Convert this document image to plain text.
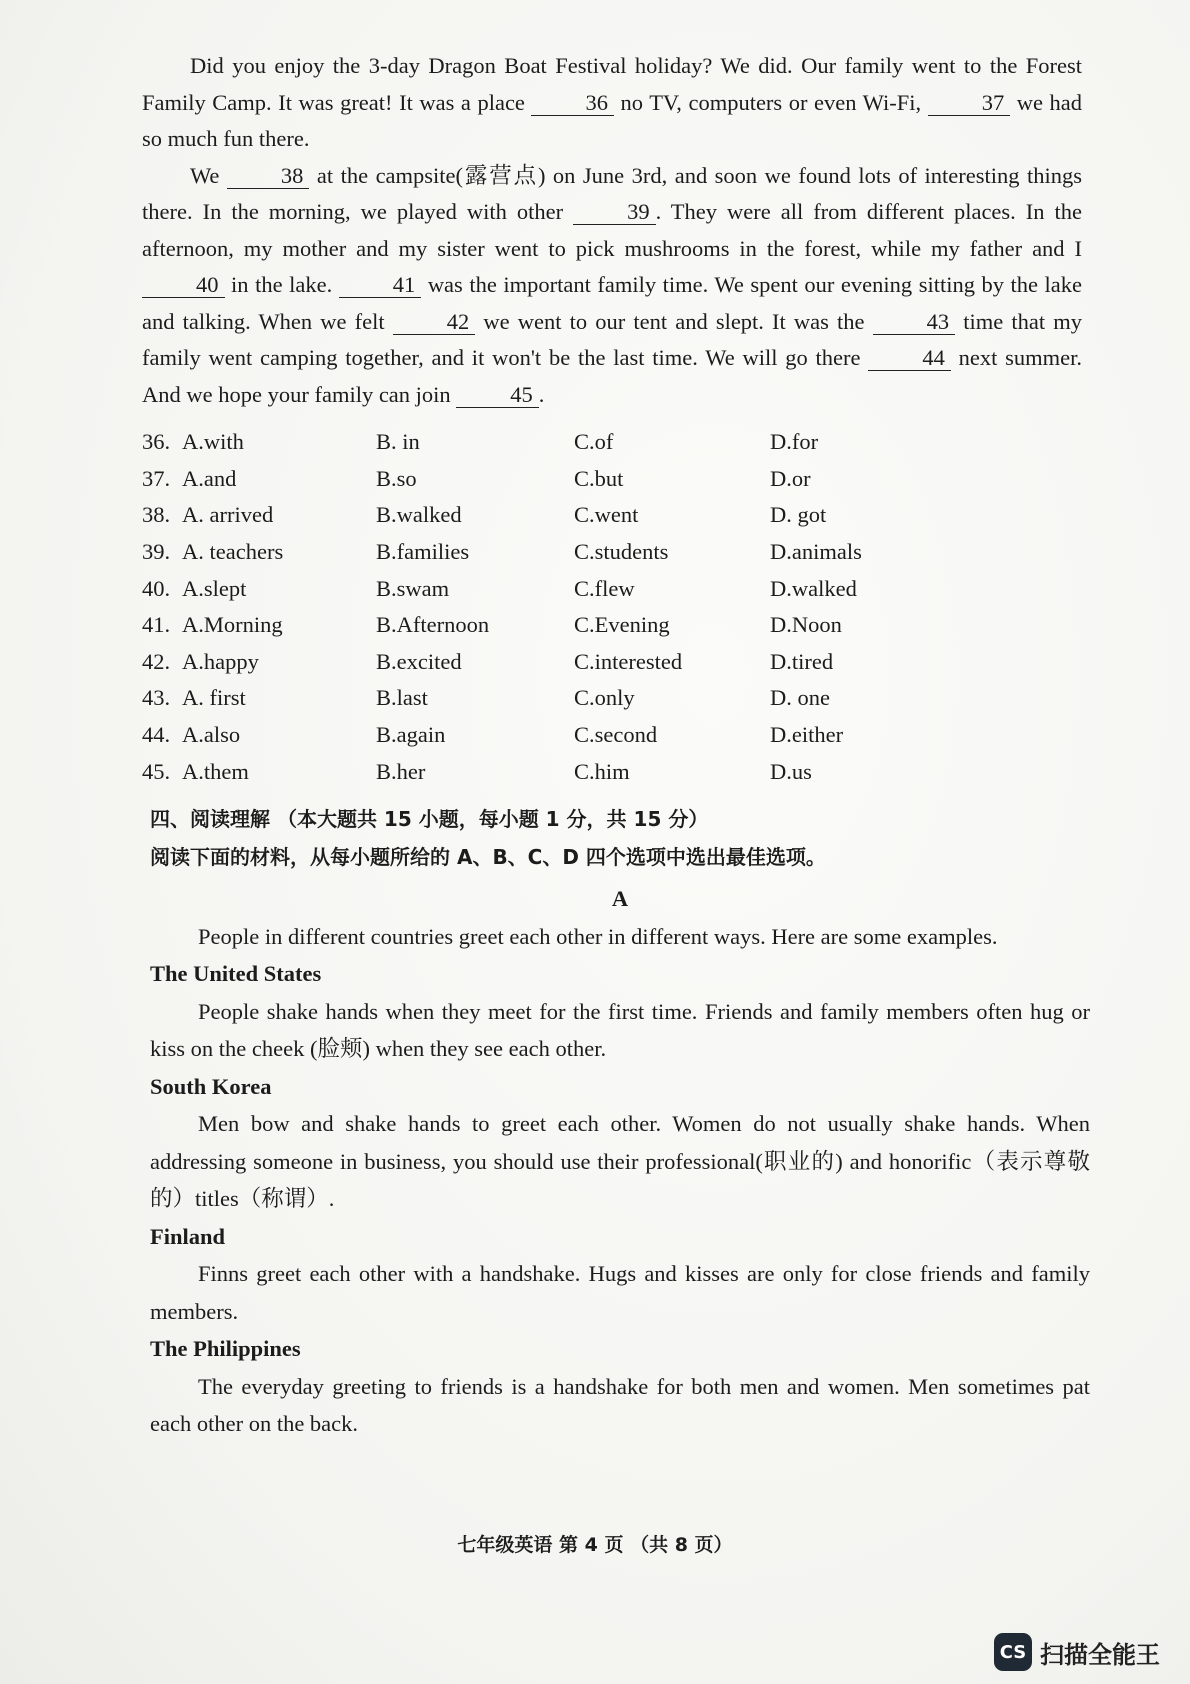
Did you enjoy the 3-day Dragon Boat Festival holiday? We did. Our family went to the Forest Family Camp. It was great! It was a place	36 no TV, computers or even Wi-Fi,	37 we had so much fun there.

We	38 at the campsite(露营点) on June 3rd, and soon we found lots of interesting things there. In the morning, we played with other	39 . They were all from different places. In the afternoon, my mother and my sister went to pick mushrooms in the forest, while my father and I 40 in the lake.	41 was the important family time. We spent our evening sitting by the lake and talking. When we felt	42 we went to our tent and slept. It was the	43 time that my family went camping together, and it won't be the last time. We will go there	44 next summer. And we hope your family can join	45 .

36. A.with	B. in	C.of	D.for
37. A.and	B.so	C.but	D.or
38. A. arrived	B.walked	C.went	D. got
39. A. teachers	B.families	C.students	D.animals
40. A.slept	B.swam	C.flew	D.walked
41. A.Morning	B.Afternoon	C.Evening	D.Noon
42. A.happy	B.excited	C.interested	D.tired
43. A. first	B.last	C.only	D. one
44. A.also	B.again	C.second	D.either
45. A.them	B.her	C.him	D.us
四、阅读理解 （本大题共 15 小题，每小题 1 分，共 15 分）
阅读下面的材料，从每小题所给的 A、B、C、D 四个选项中选出最佳选项。

A

People in different countries greet each other in different ways. Here are some examples.

The United States

People shake hands when they meet for the first time. Friends and family members often hug or kiss on the cheek (脸颊) when they see each other.

South Korea

Men bow and shake hands to greet each other. Women do not usually shake hands. When addressing someone in business, you should use their professional(职业的) and honorific（表示尊敬的）titles（称谓）.

Finland

Finns greet each other with a handshake. Hugs and kisses are only for close friends and family members.

The Philippines

The everyday greeting to friends is a handshake for both men and women. Men sometimes pat each other on the back.

七年级英语 第 4 页 （共 8 页）
CS 扫描全能王
